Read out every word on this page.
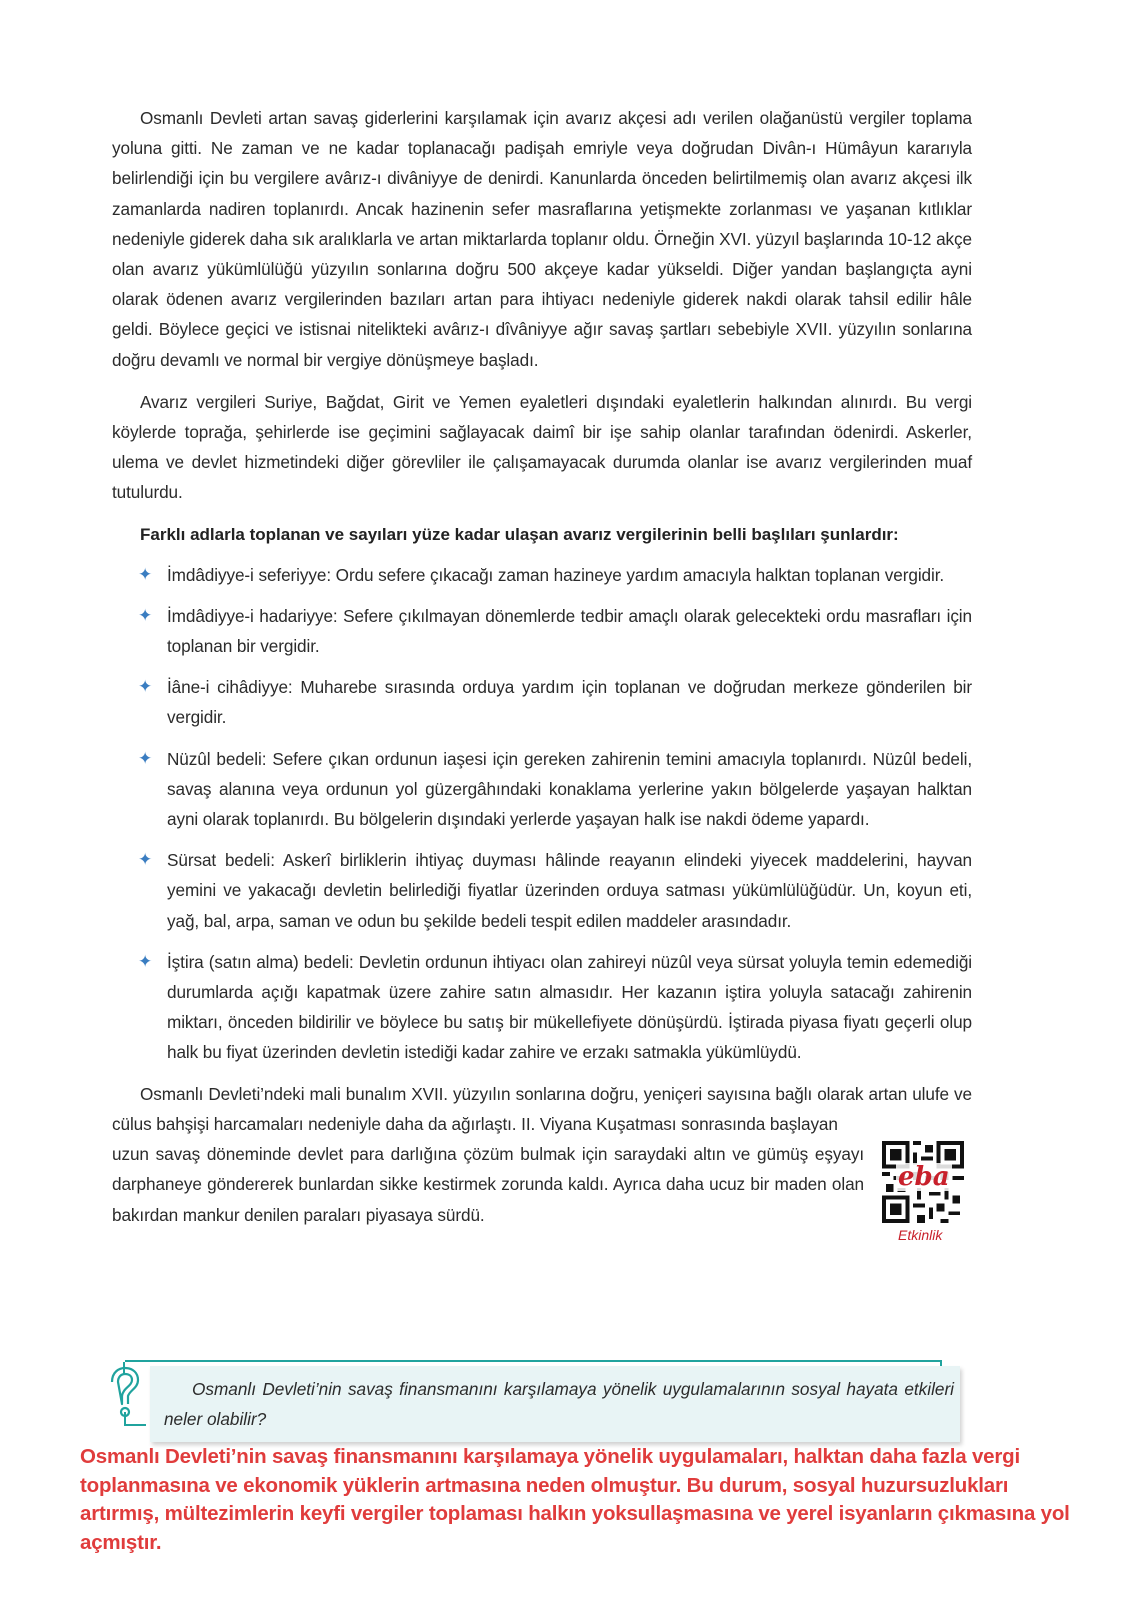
Osmanlı Devleti artan savaş giderlerini karşılamak için avarız akçesi adı verilen olağanüstü vergiler toplama yoluna gitti. Ne zaman ve ne kadar toplanacağı padişah emriyle veya doğrudan Divân-ı Hümâyun kararıyla belirlendiği için bu vergilere avârız-ı divâniyye de denirdi. Kanunlarda önceden belirtilmemiş olan avarız akçesi ilk zamanlarda nadiren toplanırdı. Ancak hazinenin sefer masraflarına yetişmekte zorlanması ve yaşanan kıtlıklar nedeniyle giderek daha sık aralıklarla ve artan miktarlarda toplanır oldu. Örneğin XVI. yüzyıl başlarında 10-12 akçe olan avarız yükümlülüğü yüzyılın sonlarına doğru 500 akçeye kadar yükseldi. Diğer yandan başlangıçta ayni olarak ödenen avarız vergilerinden bazıları artan para ihtiyacı nedeniyle giderek nakdi olarak tahsil edilir hâle geldi. Böylece geçici ve istisnai nitelikteki avârız-ı dîvâniyye ağır savaş şartları sebebiyle XVII. yüzyılın sonlarına doğru devamlı ve normal bir vergiye dönüşmeye başladı.

Avarız vergileri Suriye, Bağdat, Girit ve Yemen eyaletleri dışındaki eyaletlerin halkından alınırdı. Bu vergi köylerde toprağa, şehirlerde ise geçimini sağlayacak daimî bir işe sahip olanlar tarafından ödenirdi. Askerler, ulema ve devlet hizmetindeki diğer görevliler ile çalışamayacak durumda olanlar ise avarız vergilerinden muaf tutulurdu.

Farklı adlarla toplanan ve sayıları yüze kadar ulaşan avarız vergilerinin belli başlıları şunlardır:
✦ İmdâdiyye-i seferiyye: Ordu sefere çıkacağı zaman hazineye yardım amacıyla halktan toplanan vergidir.
✦ İmdâdiyye-i hadariyye: Sefere çıkılmayan dönemlerde tedbir amaçlı olarak gelecekteki ordu masrafları için toplanan bir vergidir.
✦ İâne-i cihâdiyye: Muharebe sırasında orduya yardım için toplanan ve doğrudan merkeze gönderilen bir vergidir.
✦ Nüzûl bedeli: Sefere çıkan ordunun iaşesi için gereken zahirenin temini amacıyla toplanırdı. Nüzûl bedeli, savaş alanına veya ordunun yol güzergâhındaki konaklama yerlerine yakın bölgelerde yaşayan halktan ayni olarak toplanırdı. Bu bölgelerin dışındaki yerlerde yaşayan halk ise nakdi ödeme yapardı.
✦ Sürsat bedeli: Askerî birliklerin ihtiyaç duyması hâlinde reayanın elindeki yiyecek maddelerini, hayvan yemini ve yakacağı devletin belirlediği fiyatlar üzerinden orduya satması yükümlülüğüdür. Un, koyun eti, yağ, bal, arpa, saman ve odun bu şekilde bedeli tespit edilen maddeler arasındadır.
✦ İştira (satın alma) bedeli: Devletin ordunun ihtiyacı olan zahireyi nüzûl veya sürsat yoluyla temin edemediği durumlarda açığı kapatmak üzere zahire satın almasıdır. Her kazanın iştira yoluyla satacağı zahirenin miktarı, önceden bildirilir ve böylece bu satış bir mükellefiyete dönüşürdü. İştirada piyasa fiyatı geçerli olup halk bu fiyat üzerinden devletin istediği kadar zahire ve erzakı satmakla yükümlüydü.

Osmanlı Devleti’ndeki mali bunalım XVII. yüzyılın sonlarına doğru, yeniçeri sayısına bağlı olarak artan ulufe ve cülus bahşişi harcamaları nedeniyle daha da ağırlaştı. II. Viyana Kuşatması sonrasında başlayan

uzun savaş döneminde devlet para darlığına çözüm bulmak için saraydaki altın ve gümüş eşyayı darphaneye göndererek bunlardan sikke kestirmek zorunda kaldı. Ayrıca daha ucuz bir maden olan bakırdan mankur denilen paraları piyasaya sürdü.

eba
Etkinlik
Osmanlı Devleti’nin savaş finansmanını karşılamaya yönelik uygulamalarının sosyal hayata etkileri neler olabilir?
Osmanlı Devleti’nin savaş finansmanını karşılamaya yönelik uygulamaları, halktan daha fazla vergi toplanmasına ve ekonomik yüklerin artmasına neden olmuştur. Bu durum, sosyal huzursuzlukları artırmış, mültezimlerin keyfi vergiler toplaması halkın yoksullaşmasına ve yerel isyanların çıkmasına yol açmıştır.
